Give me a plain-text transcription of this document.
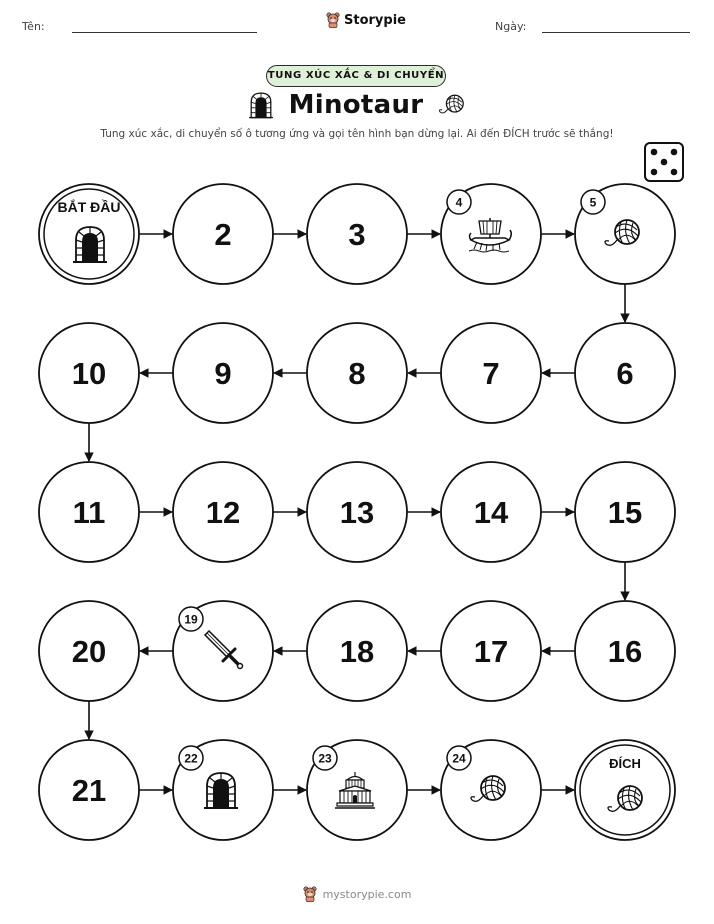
Tên:	Storypie	Ngày:
TUNG XÚC XẮC & DI CHUYỂN
Minotaur
Tung xúc xắc, di chuyển số ô tương ứng và gọi tên hình bạn dừng lại. Ai đến ĐÍCH trước sẽ thắng!
BẮT ĐẦU
2	3
4	5
6
7
8
9
10
11	12	13	14	15
16
17
18
19
20
21
22	23	24	ĐÍCH
mystorypie.com
